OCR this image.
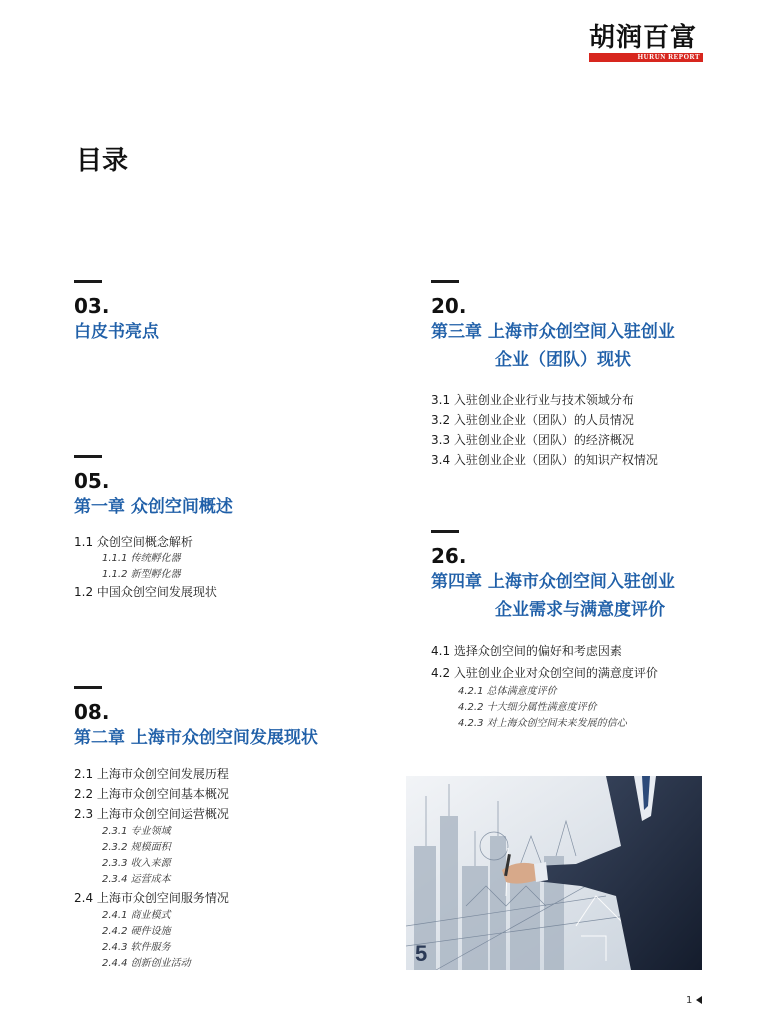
胡润百富
HURUN REPORT
目录
03.
白皮书亮点
05.
第一章 众创空间概述
1.1 众创空间概念解析
1.1.1 传统孵化器
1.1.2 新型孵化器
1.2 中国众创空间发展现状
08.
第二章 上海市众创空间发展现状
2.1 上海市众创空间发展历程
2.2 上海市众创空间基本概况
2.3 上海市众创空间运营概况
2.3.1 专业领域
2.3.2 规模面积
2.3.3 收入来源
2.3.4 运营成本
2.4 上海市众创空间服务情况
2.4.1 商业模式
2.4.2 硬件设施
2.4.3 软件服务
2.4.4 创新创业活动
20.
第三章 上海市众创空间入驻创业
企业（团队）现状
3.1 入驻创业企业行业与技术领域分布
3.2 入驻创业企业（团队）的人员情况
3.3 入驻创业企业（团队）的经济概况
3.4 入驻创业企业（团队）的知识产权情况
26.
第四章 上海市众创空间入驻创业
企业需求与满意度评价
4.1 选择众创空间的偏好和考虑因素
4.2 入驻创业企业对众创空间的满意度评价
4.2.1 总体满意度评价
4.2.2 十大细分属性满意度评价
4.2.3 对上海众创空间未来发展的信心
5
1
